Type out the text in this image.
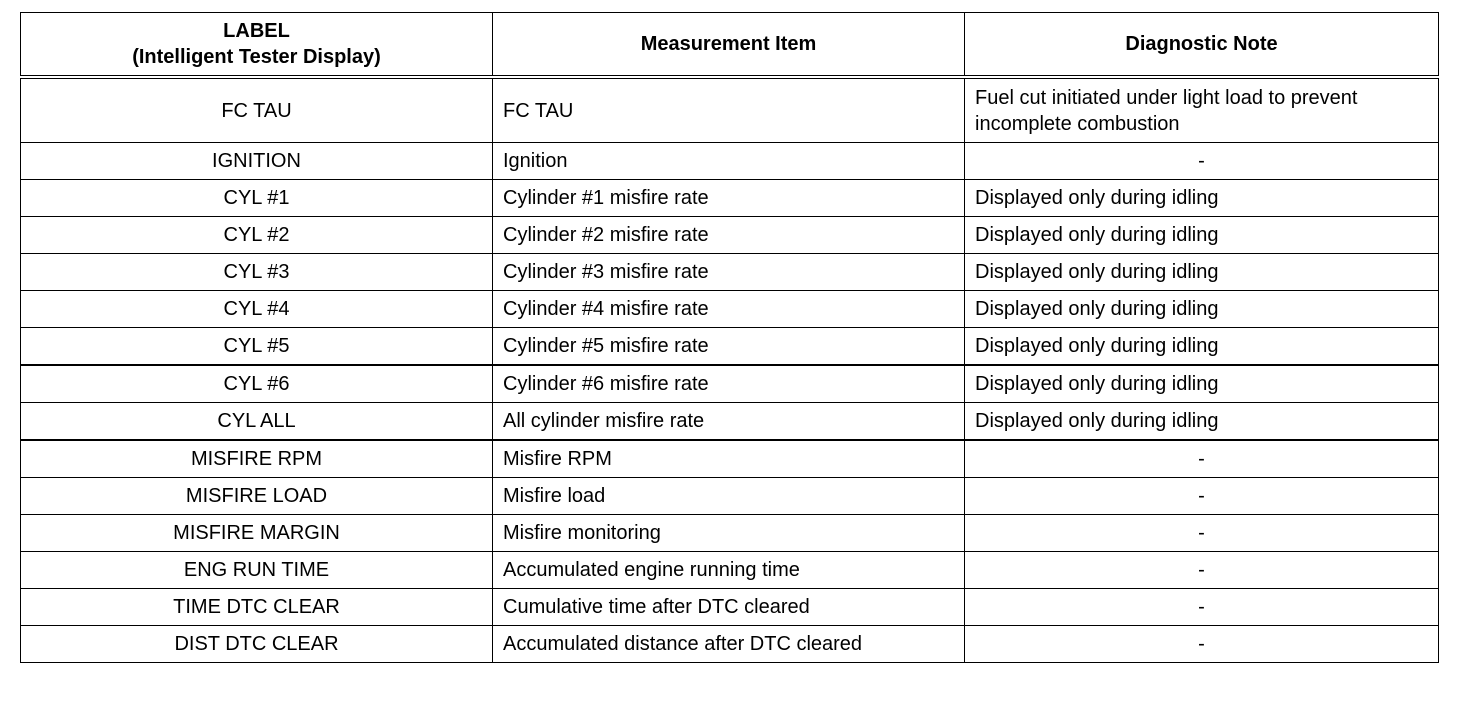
LABEL
(Intelligent Tester Display)	Measurement Item	Diagnostic Note
FC TAU	FC TAU	Fuel cut initiated under light load to prevent incomplete combustion
IGNITION	Ignition	-
CYL #1	Cylinder #1 misfire rate	Displayed only during idling
CYL #2	Cylinder #2 misfire rate	Displayed only during idling
CYL #3	Cylinder #3 misfire rate	Displayed only during idling
CYL #4	Cylinder #4 misfire rate	Displayed only during idling
CYL #5	Cylinder #5 misfire rate	Displayed only during idling
CYL #6	Cylinder #6 misfire rate	Displayed only during idling
CYL ALL	All cylinder misfire rate	Displayed only during idling
MISFIRE RPM	Misfire RPM	-
MISFIRE LOAD	Misfire load	-
MISFIRE MARGIN	Misfire monitoring	-
ENG RUN TIME	Accumulated engine running time	-
TIME DTC CLEAR	Cumulative time after DTC cleared	-
DIST DTC CLEAR	Accumulated distance after DTC cleared	-
